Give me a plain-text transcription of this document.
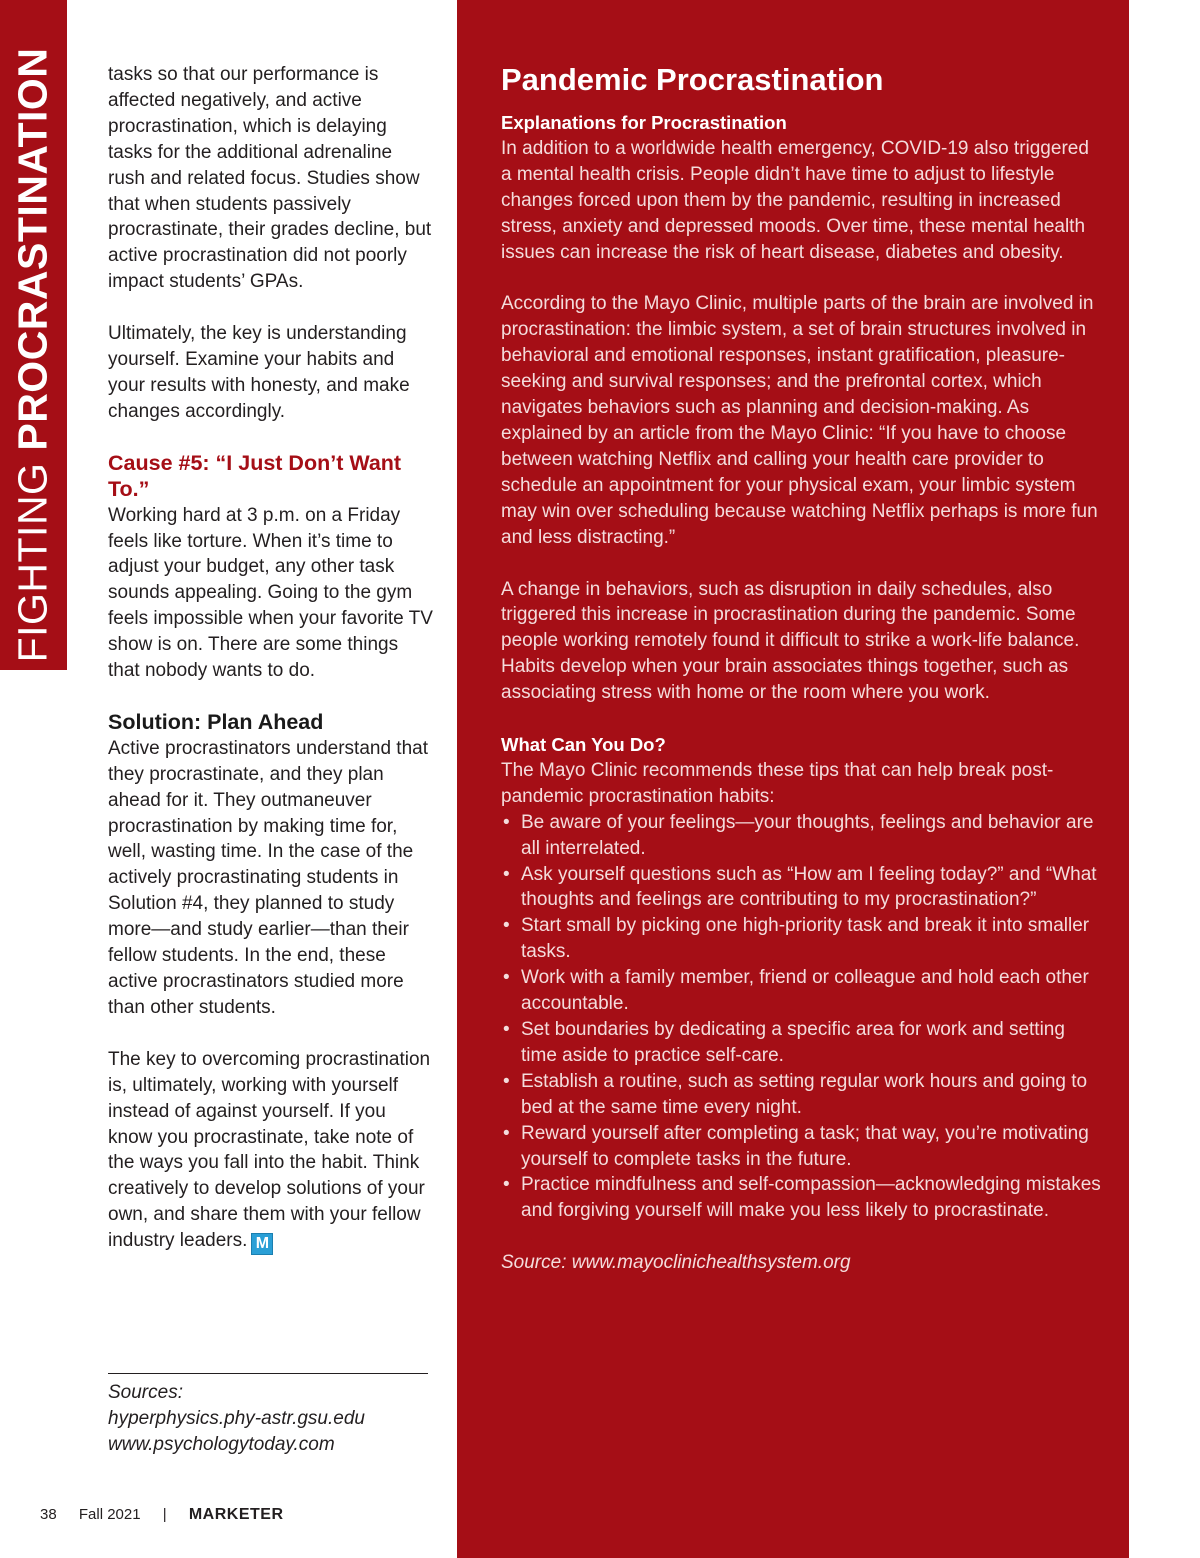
FIGHTING PROCRASTINATION	tasks so that our performance is affected negatively, and active procrastination, which is delaying tasks for the additional adrenaline rush and related focus. Studies show that when students passively procrastinate, their grades decline, but active procrastination did not poorly impact students’ GPAs.

Ultimately, the key is understanding yourself. Examine your habits and your results with honesty, and make changes accordingly.

Cause #5: “I Just Don’t Want To.”

Working hard at 3 p.m. on a Friday feels like torture. When it’s time to adjust your budget, any other task sounds appealing. Going to the gym feels impossible when your favorite TV show is on. There are some things that nobody wants to do.

Solution: Plan Ahead

Active procrastinators understand that they procrastinate, and they plan ahead for it. They outmaneuver procrastination by making time for, well, wasting time. In the case of the actively procrastinating students in Solution #4, they planned to study more—and study earlier—than their fellow students. In the end, these active procrastinators studied more than other students.

The key to overcoming procrastination is, ultimately, working with yourself instead of against yourself. If you know you procrastinate, take note of the ways you fall into the habit. Think creatively to develop solutions of your own, and share them with your fellow industry leaders. M

Sources:
hyperphysics.phy-astr.gsu.edu
www.psychologytoday.com
38 Fall 2021 | MARKETER
Pandemic Procrastination
Explanations for Procrastination

In addition to a worldwide health emergency, COVID-19 also triggered a mental health crisis. People didn’t have time to adjust to lifestyle changes forced upon them by the pandemic, resulting in increased stress, anxiety and depressed moods. Over time, these mental health issues can increase the risk of heart disease, diabetes and obesity.

According to the Mayo Clinic, multiple parts of the brain are involved in procrastination: the limbic system, a set of brain structures involved in behavioral and emotional responses, instant gratification, pleasure-seeking and survival responses; and the prefrontal cortex, which navigates behaviors such as planning and decision-making. As explained by an article from the Mayo Clinic: “If you have to choose between watching Netflix and calling your health care provider to schedule an appointment for your physical exam, your limbic system may win over scheduling because watching Netflix perhaps is more fun and less distracting.”

A change in behaviors, such as disruption in daily schedules, also triggered this increase in procrastination during the pandemic. Some people working remotely found it difficult to strike a work-life balance. Habits develop when your brain associates things together, such as associating stress with home or the room where you work.

What Can You Do?

The Mayo Clinic recommends these tips that can help break post-pandemic procrastination habits:

• Be aware of your feelings—your thoughts, feelings and behavior are all interrelated.
• Ask yourself questions such as “How am I feeling today?” and “What thoughts and feelings are contributing to my procrastination?”
• Start small by picking one high-priority task and break it into smaller tasks.
• Work with a family member, friend or colleague and hold each other accountable.
• Set boundaries by dedicating a specific area for work and setting time aside to practice self-care.
• Establish a routine, such as setting regular work hours and going to bed at the same time every night.
• Reward yourself after completing a task; that way, you’re motivating yourself to complete tasks in the future.
• Practice mindfulness and self-compassion—acknowledging mistakes and forgiving yourself will make you less likely to procrastinate.

Source: www.mayoclinichealthsystem.org
